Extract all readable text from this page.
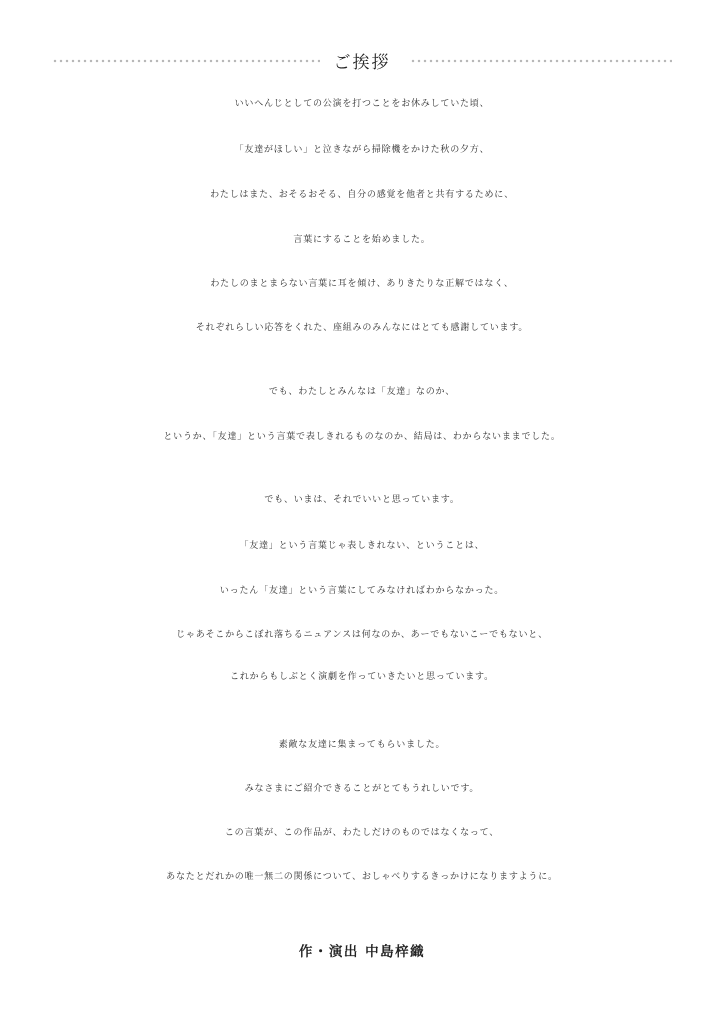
ご挨拶
いいへんじとしての公演を打つことをお休みしていた頃、
「友達がほしい」と泣きながら掃除機をかけた秋の夕方、
わたしはまた、おそるおそる、自分の感覚を他者と共有するために、
言葉にすることを始めました。
わたしのまとまらない言葉に耳を傾け、ありきたりな正解ではなく、
それぞれらしい応答をくれた、座組みのみんなにはとても感謝しています。
でも、わたしとみんなは「友達」なのか、
というか、「友達」という言葉で表しきれるものなのか、結局は、わからないままでした。
でも、いまは、それでいいと思っています。
「友達」という言葉じゃ表しきれない、ということは、
いったん「友達」という言葉にしてみなければわからなかった。
じゃあそこからこぼれ落ちるニュアンスは何なのか、あーでもないこーでもないと、
これからもしぶとく演劇を作っていきたいと思っています。
素敵な友達に集まってもらいました。
みなさまにご紹介できることがとてもうれしいです。
この言葉が、この作品が、わたしだけのものではなくなって、
あなたとだれかの唯一無二の関係について、おしゃべりするきっかけになりますように。
作・演出 中島梓織
